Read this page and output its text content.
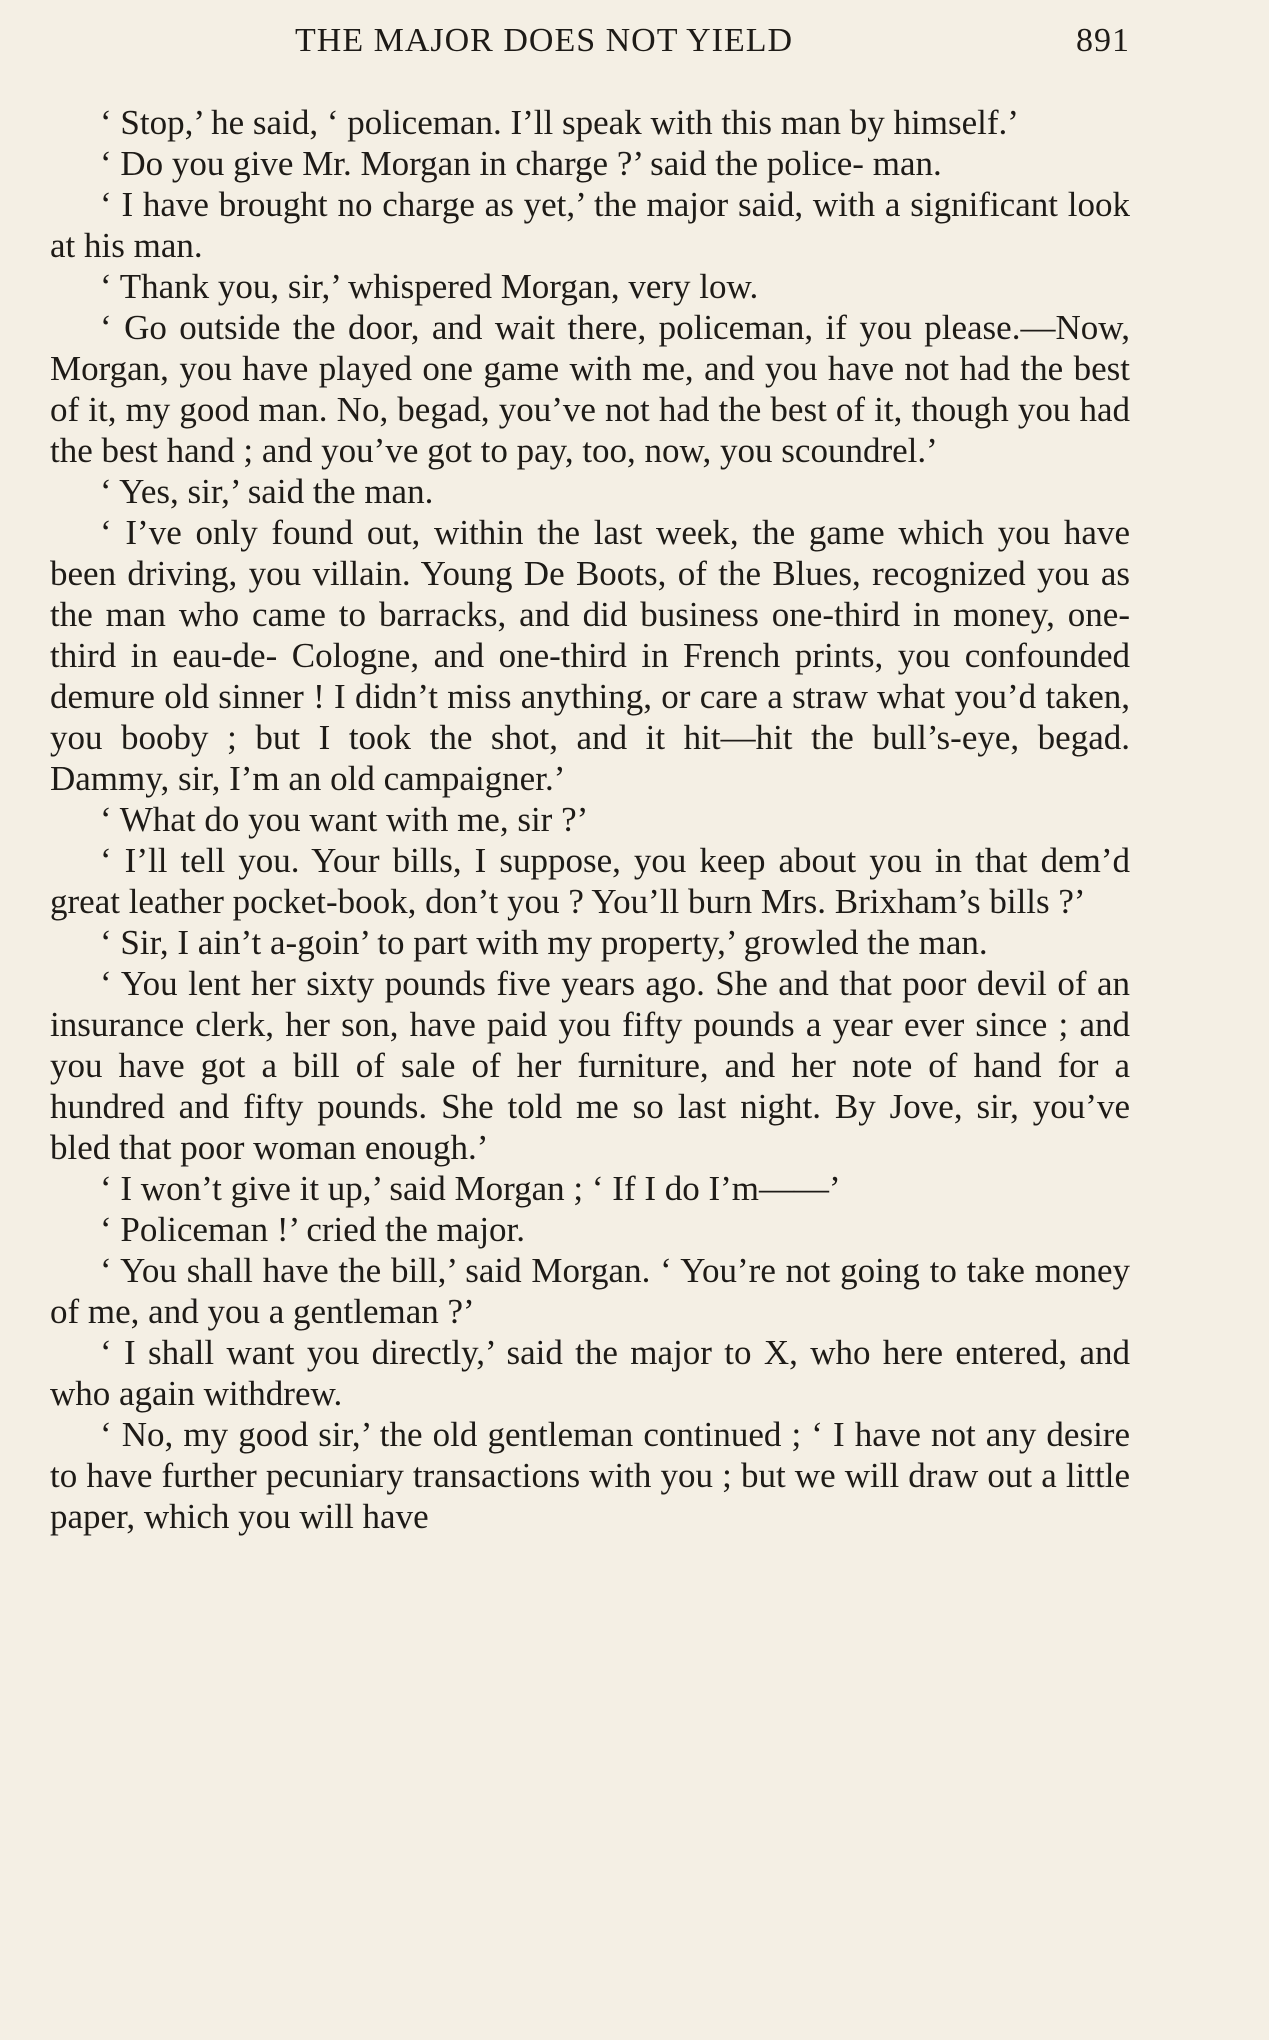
THE MAJOR DOES NOT YIELD	891

‘ Stop,’ he said, ‘ policeman. I’ll speak with this man by himself.’

‘ Do you give Mr. Morgan in charge ?’ said the police- man.

‘ I have brought no charge as yet,’ the major said, with a significant look at his man.

‘ Thank you, sir,’ whispered Morgan, very low.

‘ Go outside the door, and wait there, policeman, if you please.—Now, Morgan, you have played one game with me, and you have not had the best of it, my good man. No, begad, you’ve not had the best of it, though you had the best hand ; and you’ve got to pay, too, now, you scoundrel.’

‘ Yes, sir,’ said the man.

‘ I’ve only found out, within the last week, the game which you have been driving, you villain. Young De Boots, of the Blues, recognized you as the man who came to barracks, and did business one-third in money, one-third in eau-de- Cologne, and one-third in French prints, you confounded demure old sinner ! I didn’t miss anything, or care a straw what you’d taken, you booby ; but I took the shot, and it hit—hit the bull’s-eye, begad. Dammy, sir, I’m an old campaigner.’

‘ What do you want with me, sir ?’

‘ I’ll tell you. Your bills, I suppose, you keep about you in that dem’d great leather pocket-book, don’t you ? You’ll burn Mrs. Brixham’s bills ?’

‘ Sir, I ain’t a-goin’ to part with my property,’ growled the man.

‘ You lent her sixty pounds five years ago. She and that poor devil of an insurance clerk, her son, have paid you fifty pounds a year ever since ; and you have got a bill of sale of her furniture, and her note of hand for a hundred and fifty pounds. She told me so last night. By Jove, sir, you’ve bled that poor woman enough.’

‘ I won’t give it up,’ said Morgan ; ‘ If I do I’m——’

‘ Policeman !’ cried the major.

‘ You shall have the bill,’ said Morgan. ‘ You’re not going to take money of me, and you a gentleman ?’

‘ I shall want you directly,’ said the major to X, who here entered, and who again withdrew.

‘ No, my good sir,’ the old gentleman continued ; ‘ I have not any desire to have further pecuniary transactions with you ; but we will draw out a little paper, which you will have
